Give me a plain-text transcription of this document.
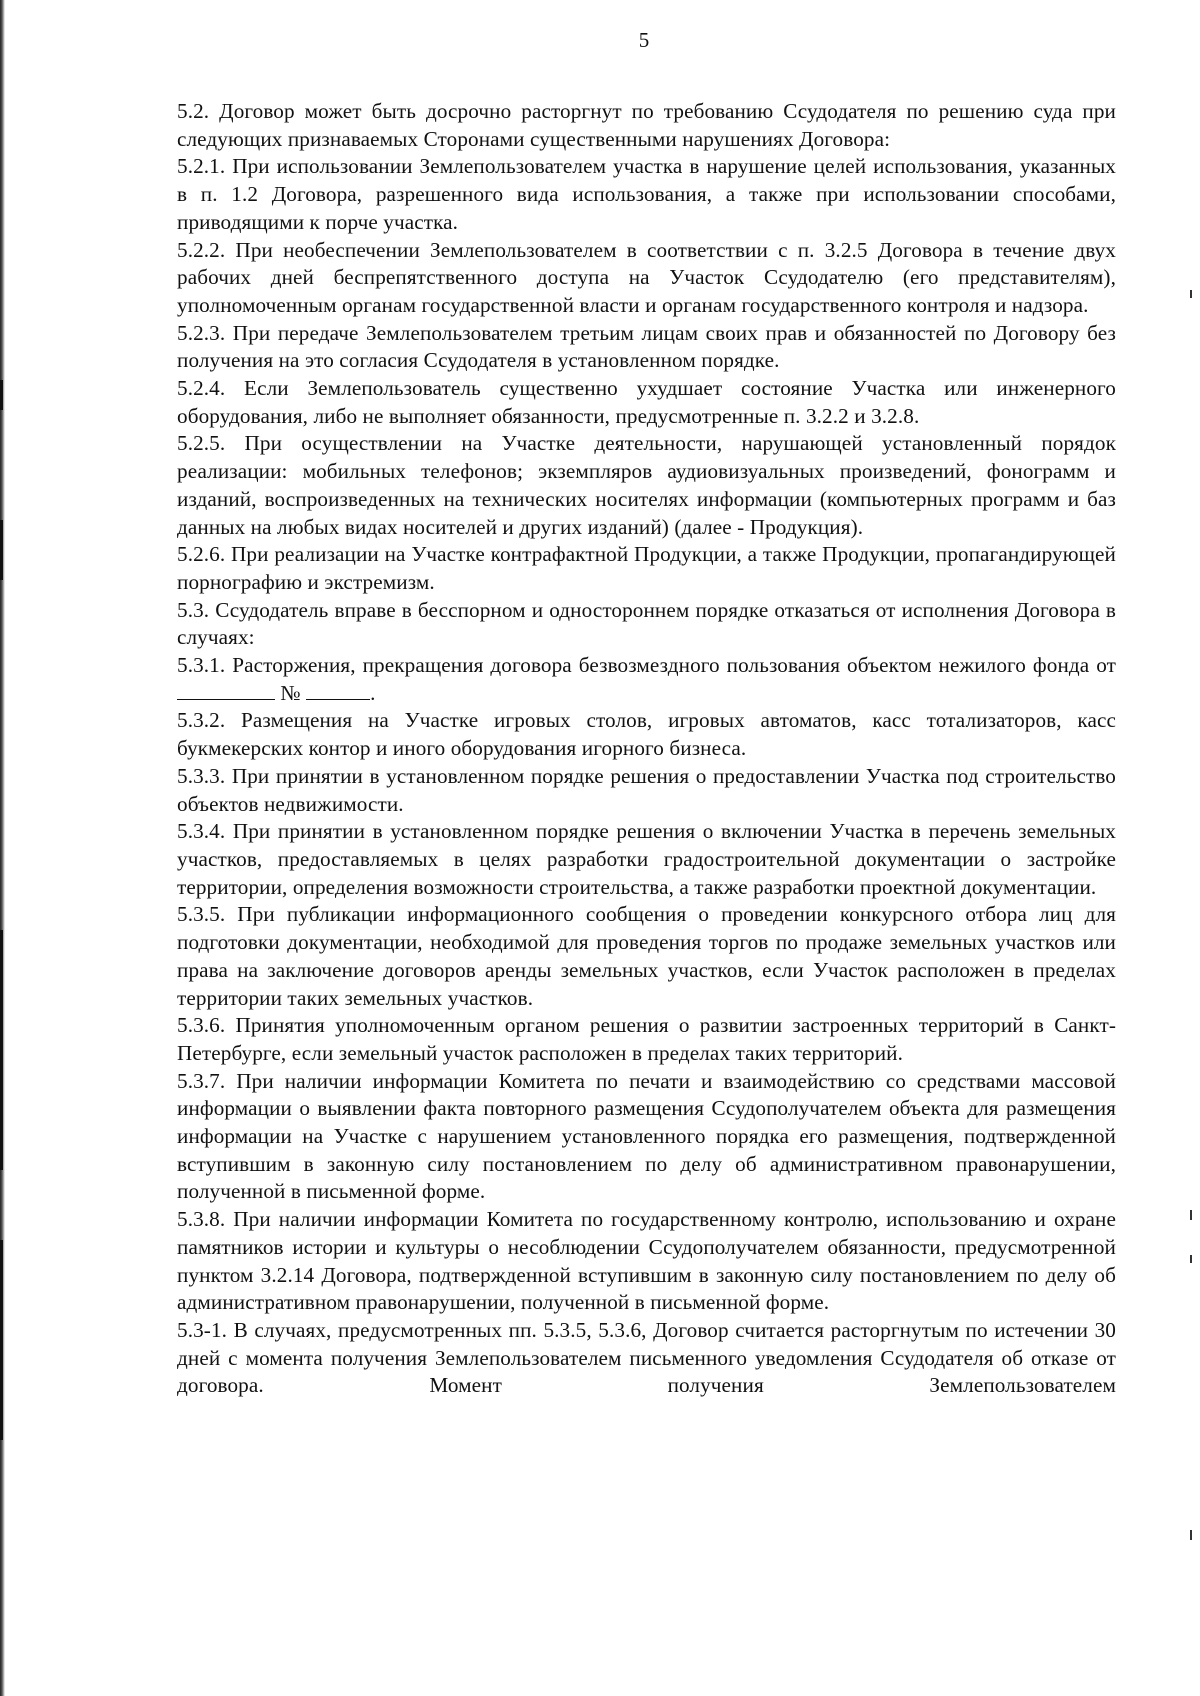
5

5.2. Договор может быть досрочно расторгнут по требованию Ссудодателя по решению суда при следующих признаваемых Сторонами существенными нарушениях Договора:

5.2.1. При использовании Землепользователем участка в нарушение целей использования, указанных в п. 1.2 Договора, разрешенного вида использования, а также при использовании способами, приводящими к порче участка.

5.2.2. При необеспечении Землепользователем в соответствии с п. 3.2.5 Договора в течение двух рабочих дней беспрепятственного доступа на Участок Ссудодателю (его представителям), уполномоченным органам государственной власти и органам государственного контроля и надзора.

5.2.3. При передаче Землепользователем третьим лицам своих прав и обязанностей по Договору без получения на это согласия Ссудодателя в установленном порядке.

5.2.4. Если Землепользователь существенно ухудшает состояние Участка или инженерного оборудования, либо не выполняет обязанности, предусмотренные п. 3.2.2 и 3.2.8.

5.2.5. При осуществлении на Участке деятельности, нарушающей установленный порядок реализации: мобильных телефонов; экземпляров аудиовизуальных произведений, фонограмм и изданий, воспроизведенных на технических носителях информации (компьютерных программ и баз данных на любых видах носителей и других изданий) (далее - Продукция).

5.2.6. При реализации на Участке контрафактной Продукции, а также Продукции, пропагандирующей порнографию и экстремизм.

5.3. Ссудодатель вправе в бесспорном и одностороннем порядке отказаться от исполнения Договора в случаях:

5.3.1. Расторжения, прекращения договора безвозмездного пользования объектом нежилого фонда от  №	.

5.3.2. Размещения на Участке игровых столов, игровых автоматов, касс тотализаторов, касс букмекерских контор и иного оборудования игорного бизнеса.

5.3.3. При принятии в установленном порядке решения о предоставлении Участка под строительство объектов недвижимости.

5.3.4. При принятии в установленном порядке решения о включении Участка в перечень земельных участков, предоставляемых в целях разработки градостроительной документации о застройке территории, определения возможности строительства, а также разработки проектной документации.

5.3.5. При публикации информационного сообщения о проведении конкурсного отбора лиц для подготовки документации, необходимой для проведения торгов по продаже земельных участков или права на заключение договоров аренды земельных участков, если Участок расположен в пределах территории таких земельных участков.

5.3.6. Принятия уполномоченным органом решения о развитии застроенных территорий в Санкт-Петербурге, если земельный участок расположен в пределах таких территорий.

5.3.7. При наличии информации Комитета по печати и взаимодействию со средствами массовой информации о выявлении факта повторного размещения Ссудополучателем объекта для размещения информации на Участке с нарушением установленного порядка его размещения, подтвержденной вступившим в законную силу постановлением по делу об административном правонарушении, полученной в письменной форме.

5.3.8. При наличии информации Комитета по государственному контролю, использованию и охране памятников истории и культуры о несоблюдении Ссудополучателем обязанности, предусмотренной пунктом 3.2.14 Договора, подтвержденной вступившим в законную силу постановлением по делу об административном правонарушении, полученной в письменной форме.

5.3-1. В случаях, предусмотренных пп. 5.3.5, 5.3.6, Договор считается расторгнутым по истечении 30 дней с момента получения Землепользователем письменного уведомления Ссудодателя об отказе от договора. Момент получения Землепользователем
